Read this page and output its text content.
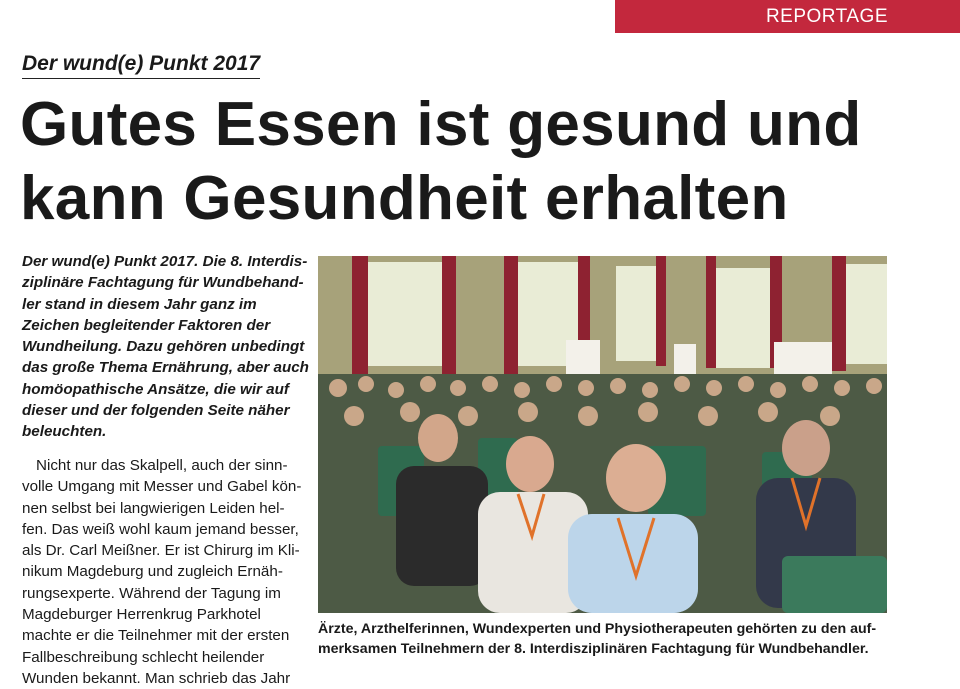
REPORTAGE
Der wund(e) Punkt 2017
Gutes Essen ist gesund und
kann Gesundheit erhalten
Der wund(e) Punkt 2017. Die 8. Interdis-
ziplinäre Fachtagung für Wundbehand-
ler stand in diesem Jahr ganz im
Zeichen begleitender Faktoren der
Wundheilung. Dazu gehören unbedingt
das große Thema Ernährung, aber auch
homöopathische Ansätze, die wir auf
dieser und der folgenden Seite näher
beleuchten.
Nicht nur das Skalpell, auch der sinn-
volle Umgang mit Messer und Gabel kön-
nen selbst bei langwierigen Leiden hel-
fen. Das weiß wohl kaum jemand besser,
als Dr. Carl Meißner. Er ist Chirurg im Kli-
nikum Magdeburg und zugleich Ernäh-
rungsexperte. Während der Tagung im
Magdeburger Herrenkrug Parkhotel
machte er die Teilnehmer mit der ersten
Fallbeschreibung schlecht heilender
Wunden bekannt. Man schrieb das Jahr
Ärzte, Arzthelferinnen, Wundexperten und Physiotherapeuten gehörten zu den auf-
merksamen Teilnehmern der 8. Interdisziplinären Fachtagung für Wundbehandler.
